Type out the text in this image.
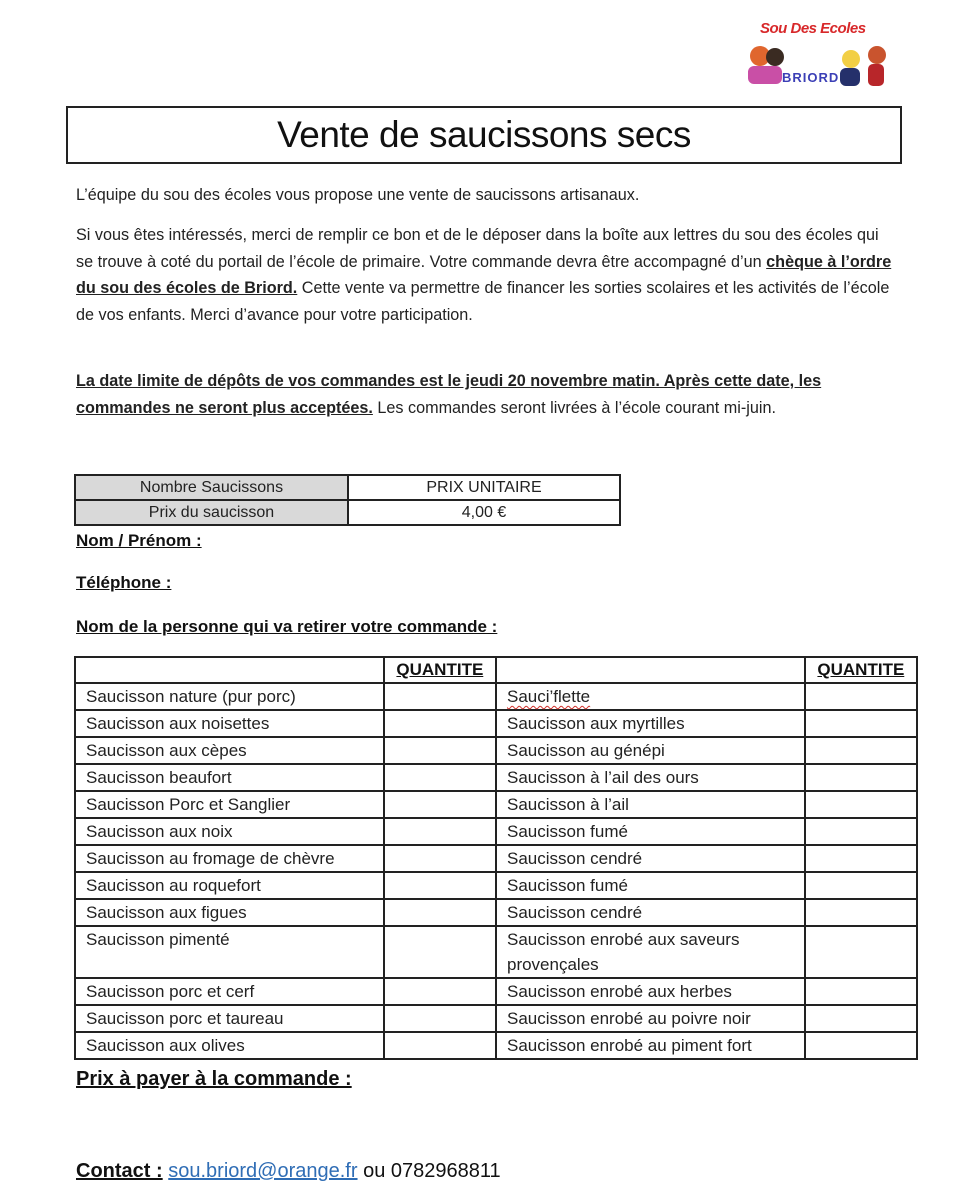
Sou Des Ecoles
BRIORD
Vente de saucissons secs
L’équipe du sou des écoles vous propose une vente de saucissons artisanaux.
Si vous êtes intéressés, merci de remplir ce bon et de le déposer dans la boîte aux lettres du sou des écoles qui se trouve à coté du portail de l’école de primaire. Votre commande devra être accompagné d’un chèque à l’ordre du sou des écoles de Briord. Cette vente va permettre de financer les sorties scolaires et les activités de l’école de vos enfants. Merci d’avance pour votre participation.
La date limite de dépôts de vos commandes est le jeudi 20 novembre matin. Après cette date, les commandes ne seront plus acceptées. Les commandes seront livrées à l’école courant mi-juin.
Nombre Saucissons	PRIX UNITAIRE
Prix du saucisson	4,00 €
Nom / Prénom :
Téléphone :
Nom de la personne qui va retirer votre commande :
	QUANTITE		QUANTITE
Saucisson nature (pur porc)		Sauci’flette	
Saucisson aux noisettes		Saucisson aux myrtilles	
Saucisson aux cèpes		Saucisson au génépi	
Saucisson beaufort		Saucisson à l’ail des ours	
Saucisson Porc et Sanglier		Saucisson à l’ail	
Saucisson aux noix		Saucisson fumé	
Saucisson au fromage de chèvre		Saucisson cendré	
Saucisson au roquefort		Saucisson fumé	
Saucisson aux figues		Saucisson cendré	
Saucisson pimenté		Saucisson enrobé aux saveurs provençales	
Saucisson porc et cerf		Saucisson enrobé aux herbes	
Saucisson porc et taureau		Saucisson enrobé au poivre noir	
Saucisson aux olives		Saucisson enrobé au piment fort	
Prix à payer à la commande :
Contact : sou.briord@orange.fr ou 0782968811
